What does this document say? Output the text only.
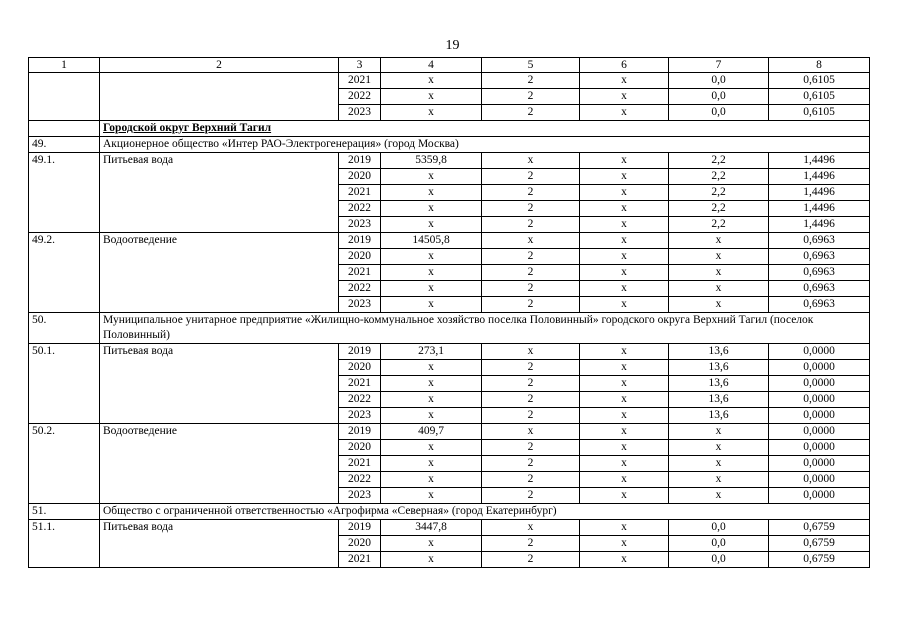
19
1	2	3	4	5	6	7	8
		2021	х	2	х	0,0	0,6105
		2022	х	2	х	0,0	0,6105
		2023	х	2	х	0,0	0,6105
	Городской округ Верхний Тагил						
49.	Акционерное общество «Интер РАО-Электрогенерация» (город Москва)						
49.1.	Питьевая вода	2019	5359,8	х	х	2,2	1,4496
		2020	х	2	х	2,2	1,4496
		2021	х	2	х	2,2	1,4496
		2022	х	2	х	2,2	1,4496
		2023	х	2	х	2,2	1,4496
49.2.	Водоотведение	2019	14505,8	х	х	х	0,6963
		2020	х	2	х	х	0,6963
		2021	х	2	х	х	0,6963
		2022	х	2	х	х	0,6963
		2023	х	2	х	х	0,6963
50.	Муниципальное унитарное предприятие «Жилищно-коммунальное хозяйство поселка Половинный» городского округа Верхний Тагил (поселок Половинный)						
50.1.	Питьевая вода	2019	273,1	х	х	13,6	0,0000
		2020	х	2	х	13,6	0,0000
		2021	х	2	х	13,6	0,0000
		2022	х	2	х	13,6	0,0000
		2023	х	2	х	13,6	0,0000
50.2.	Водоотведение	2019	409,7	х	х	х	0,0000
		2020	х	2	х	х	0,0000
		2021	х	2	х	х	0,0000
		2022	х	2	х	х	0,0000
		2023	х	2	х	х	0,0000
51.	Общество с ограниченной ответственностью «Агрофирма «Северная» (город Екатеринбург)						
51.1.	Питьевая вода	2019	3447,8	х	х	0,0	0,6759
		2020	х	2	х	0,0	0,6759
		2021	х	2	х	0,0	0,6759
